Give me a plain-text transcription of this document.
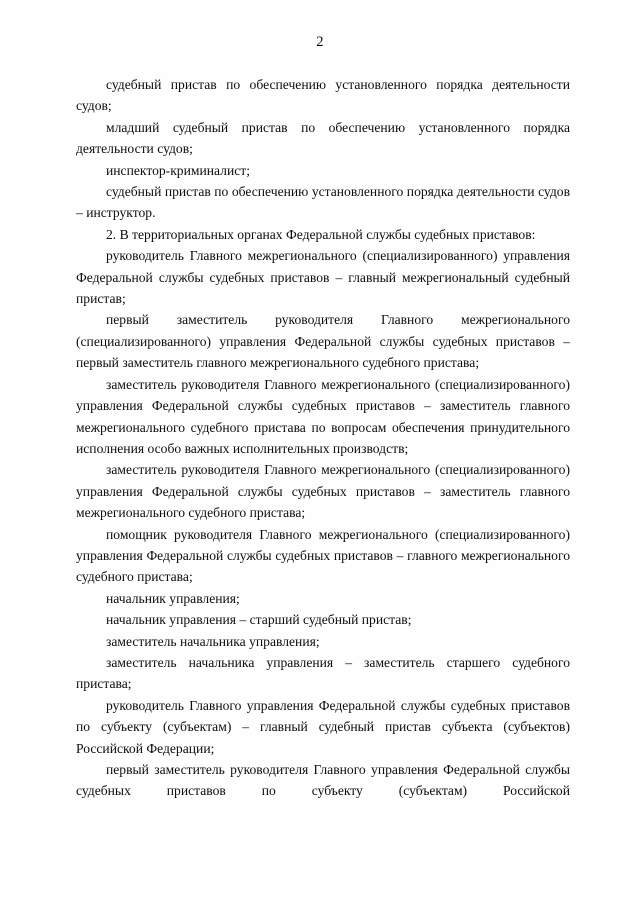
2

судебный пристав по обеспечению установленного порядка деятельности судов;

младший судебный пристав по обеспечению установленного порядка деятельности судов;

инспектор-криминалист;

судебный пристав по обеспечению установленного порядка деятельности судов – инструктор.

2. В территориальных органах Федеральной службы судебных приставов:

руководитель Главного межрегионального (специализированного) управления Федеральной службы судебных приставов – главный межрегиональный судебный пристав;

первый заместитель руководителя Главного межрегионального (специализированного) управления Федеральной службы судебных приставов – первый заместитель главного межрегионального судебного пристава;

заместитель руководителя Главного межрегионального (специализированного) управления Федеральной службы судебных приставов – заместитель главного межрегионального судебного пристава по вопросам обеспечения принудительного исполнения особо важных исполнительных производств;

заместитель руководителя Главного межрегионального (специализированного) управления Федеральной службы судебных приставов – заместитель главного межрегионального судебного пристава;

помощник руководителя Главного межрегионального (специализированного) управления Федеральной службы судебных приставов – главного межрегионального судебного пристава;

начальник управления;

начальник управления – старший судебный пристав;

заместитель начальника управления;

заместитель начальника управления – заместитель старшего судебного пристава;

руководитель Главного управления Федеральной службы судебных приставов по субъекту (субъектам) – главный судебный пристав субъекта (субъектов) Российской Федерации;

первый заместитель руководителя Главного управления Федеральной службы судебных приставов по субъекту (субъектам) Российской
